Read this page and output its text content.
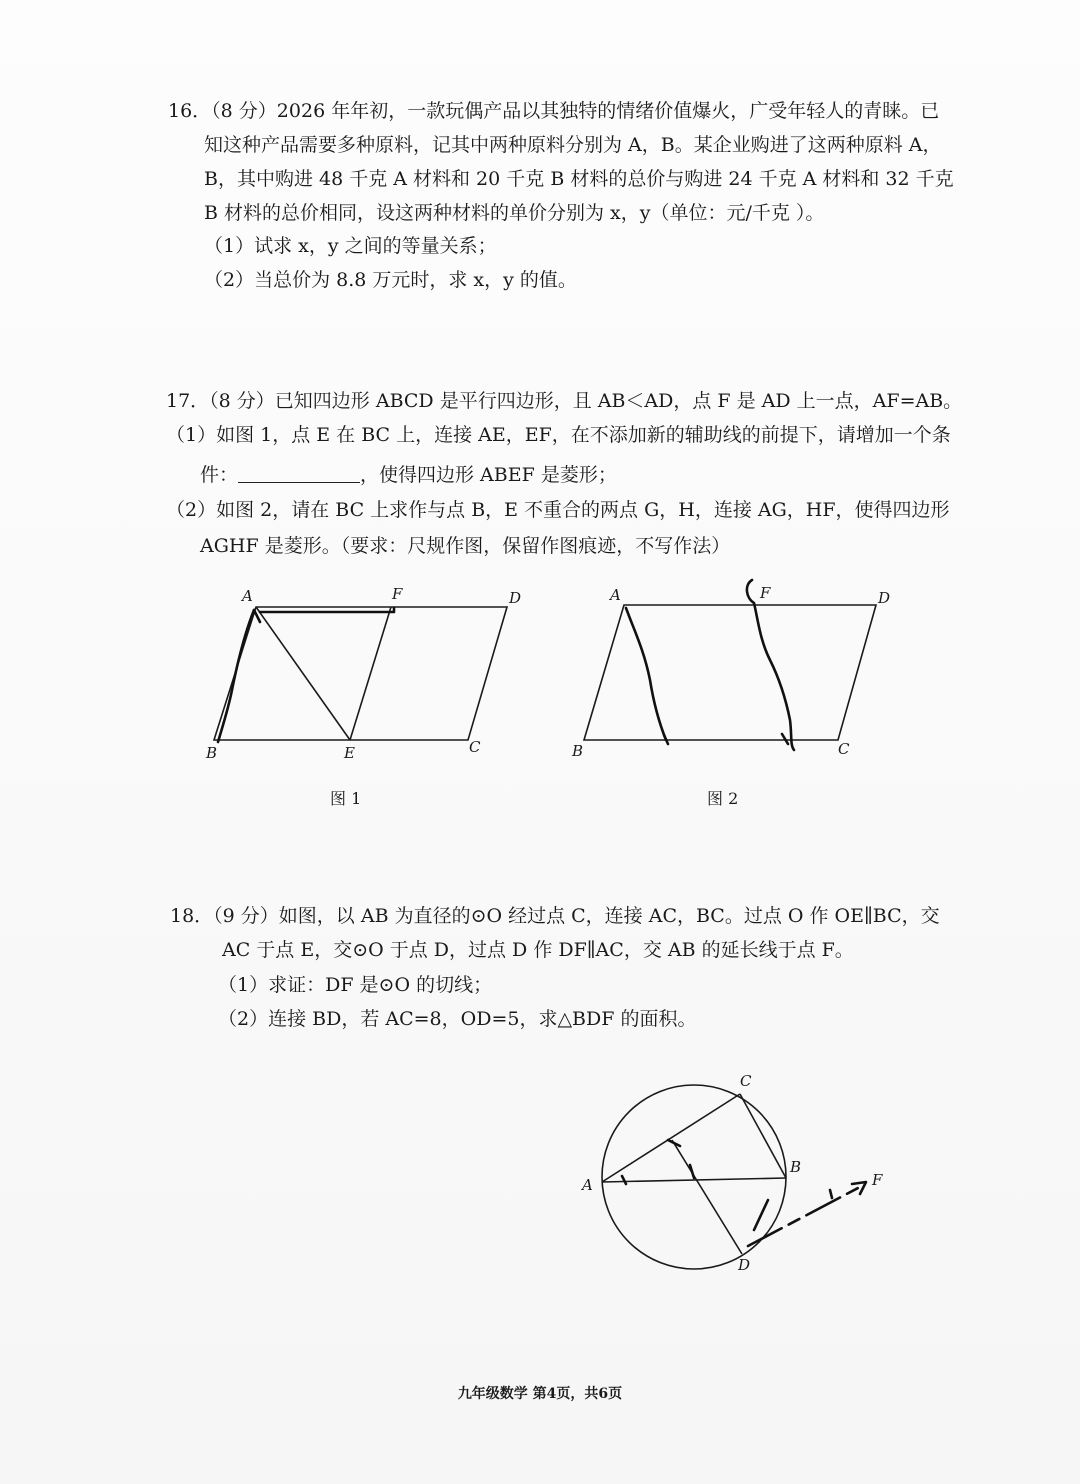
16．（8 分）2026 年年初，一款玩偶产品以其独特的情绪价值爆火，广受年轻人的青睐。已
知这种产品需要多种原料，记其中两种原料分别为 A，B。某企业购进了这两种原料 A，
B，其中购进 48 千克 A 材料和 20 千克 B 材料的总价与购进 24 千克 A 材料和 32 千克
B 材料的总价相同，设这两种材料的单价分别为 x，y（单位：元/千克 ）。
（1）试求 x，y 之间的等量关系；
（2）当总价为 8.8 万元时，求 x，y 的值。
17．（8 分）已知四边形 ABCD 是平行四边形，且 AB＜AD，点 F 是 AD 上一点，AF=AB。
（1）如图 1，点 E 在 BC 上，连接 AE，EF，在不添加新的辅助线的前提下，请增加一个条
件：	，使得四边形 ABEF 是菱形；
（2）如图 2，请在 BC 上求作与点 B，E 不重合的两点 G，H，连接 AG，HF，使得四边形
AGHF 是菱形。（要求：尺规作图，保留作图痕迹，不写作法）
A	F	D
B	E	C
A	F	D
B	C
C
A
B
F
D
图 1	图 2
18．（9 分）如图，以 AB 为直径的⊙O 经过点 C，连接 AC，BC。过点 O 作 OE∥BC，交
AC 于点 E，交⊙O 于点 D，过点 D 作 DF∥AC，交 AB 的延长线于点 F。
（1）求证：DF 是⊙O 的切线；
（2）连接 BD，若 AC=8，OD=5，求△BDF 的面积。
九年级数学 第4页，共6页
